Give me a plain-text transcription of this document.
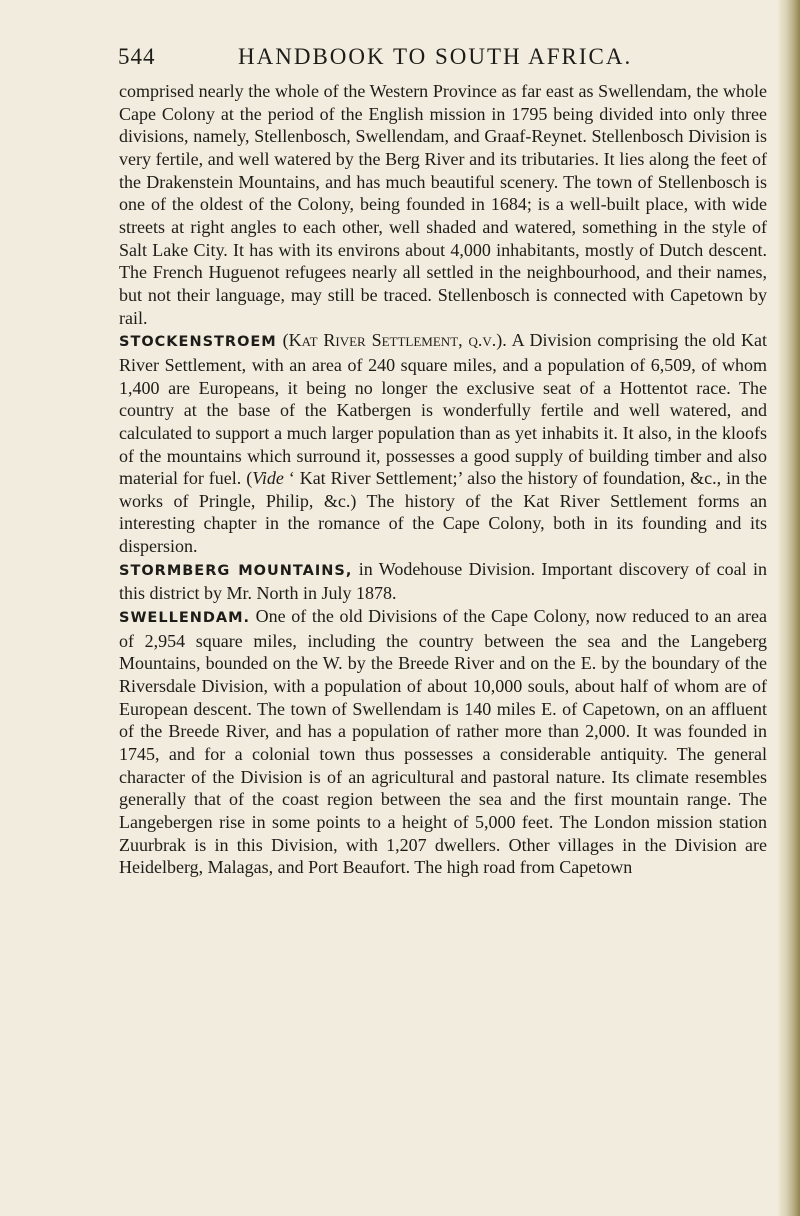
544	HANDBOOK TO SOUTH AFRICA.

comprised nearly the whole of the Western Province as far east as Swellendam, the whole Cape Colony at the period of the English mission in 1795 being divided into only three divisions, namely, Stellenbosch, Swellendam, and Graaf-Reynet. Stellenbosch Division is very fertile, and well watered by the Berg River and its tributaries. It lies along the feet of the Drakenstein Mountains, and has much beautiful scenery. The town of Stellenbosch is one of the oldest of the Colony, being founded in 1684; is a well-built place, with wide streets at right angles to each other, well shaded and watered, something in the style of Salt Lake City. It has with its environs about 4,000 inhabitants, mostly of Dutch descent. The French Huguenot refugees nearly all settled in the neighbourhood, and their names, but not their language, may still be traced. Stellenbosch is connected with Capetown by rail.

STOCKENSTROEM (Kat River Settlement, q.v.). A Division comprising the old Kat River Settlement, with an area of 240 square miles, and a population of 6,509, of whom 1,400 are Europeans, it being no longer the exclusive seat of a Hottentot race. The country at the base of the Katbergen is wonderfully fertile and well watered, and calculated to support a much larger population than as yet inhabits it. It also, in the kloofs of the mountains which surround it, possesses a good supply of building timber and also material for fuel. (Vide ‘ Kat River Settlement;’ also the history of foundation, &c., in the works of Pringle, Philip, &c.) The history of the Kat River Settlement forms an interesting chapter in the romance of the Cape Colony, both in its founding and its dispersion.

STORMBERG MOUNTAINS, in Wodehouse Division. Important discovery of coal in this district by Mr. North in July 1878.

SWELLENDAM. One of the old Divisions of the Cape Colony, now reduced to an area of 2,954 square miles, including the country between the sea and the Langeberg Mountains, bounded on the W. by the Breede River and on the E. by the boundary of the Riversdale Division, with a population of about 10,000 souls, about half of whom are of European descent. The town of Swellendam is 140 miles E. of Capetown, on an affluent of the Breede River, and has a population of rather more than 2,000. It was founded in 1745, and for a colonial town thus possesses a considerable antiquity. The general character of the Division is of an agricultural and pastoral nature. Its climate resembles generally that of the coast region between the sea and the first mountain range. The Langebergen rise in some points to a height of 5,000 feet. The London mission station Zuurbrak is in this Division, with 1,207 dwellers. Other villages in the Division are Heidelberg, Malagas, and Port Beaufort. The high road from Capetown
